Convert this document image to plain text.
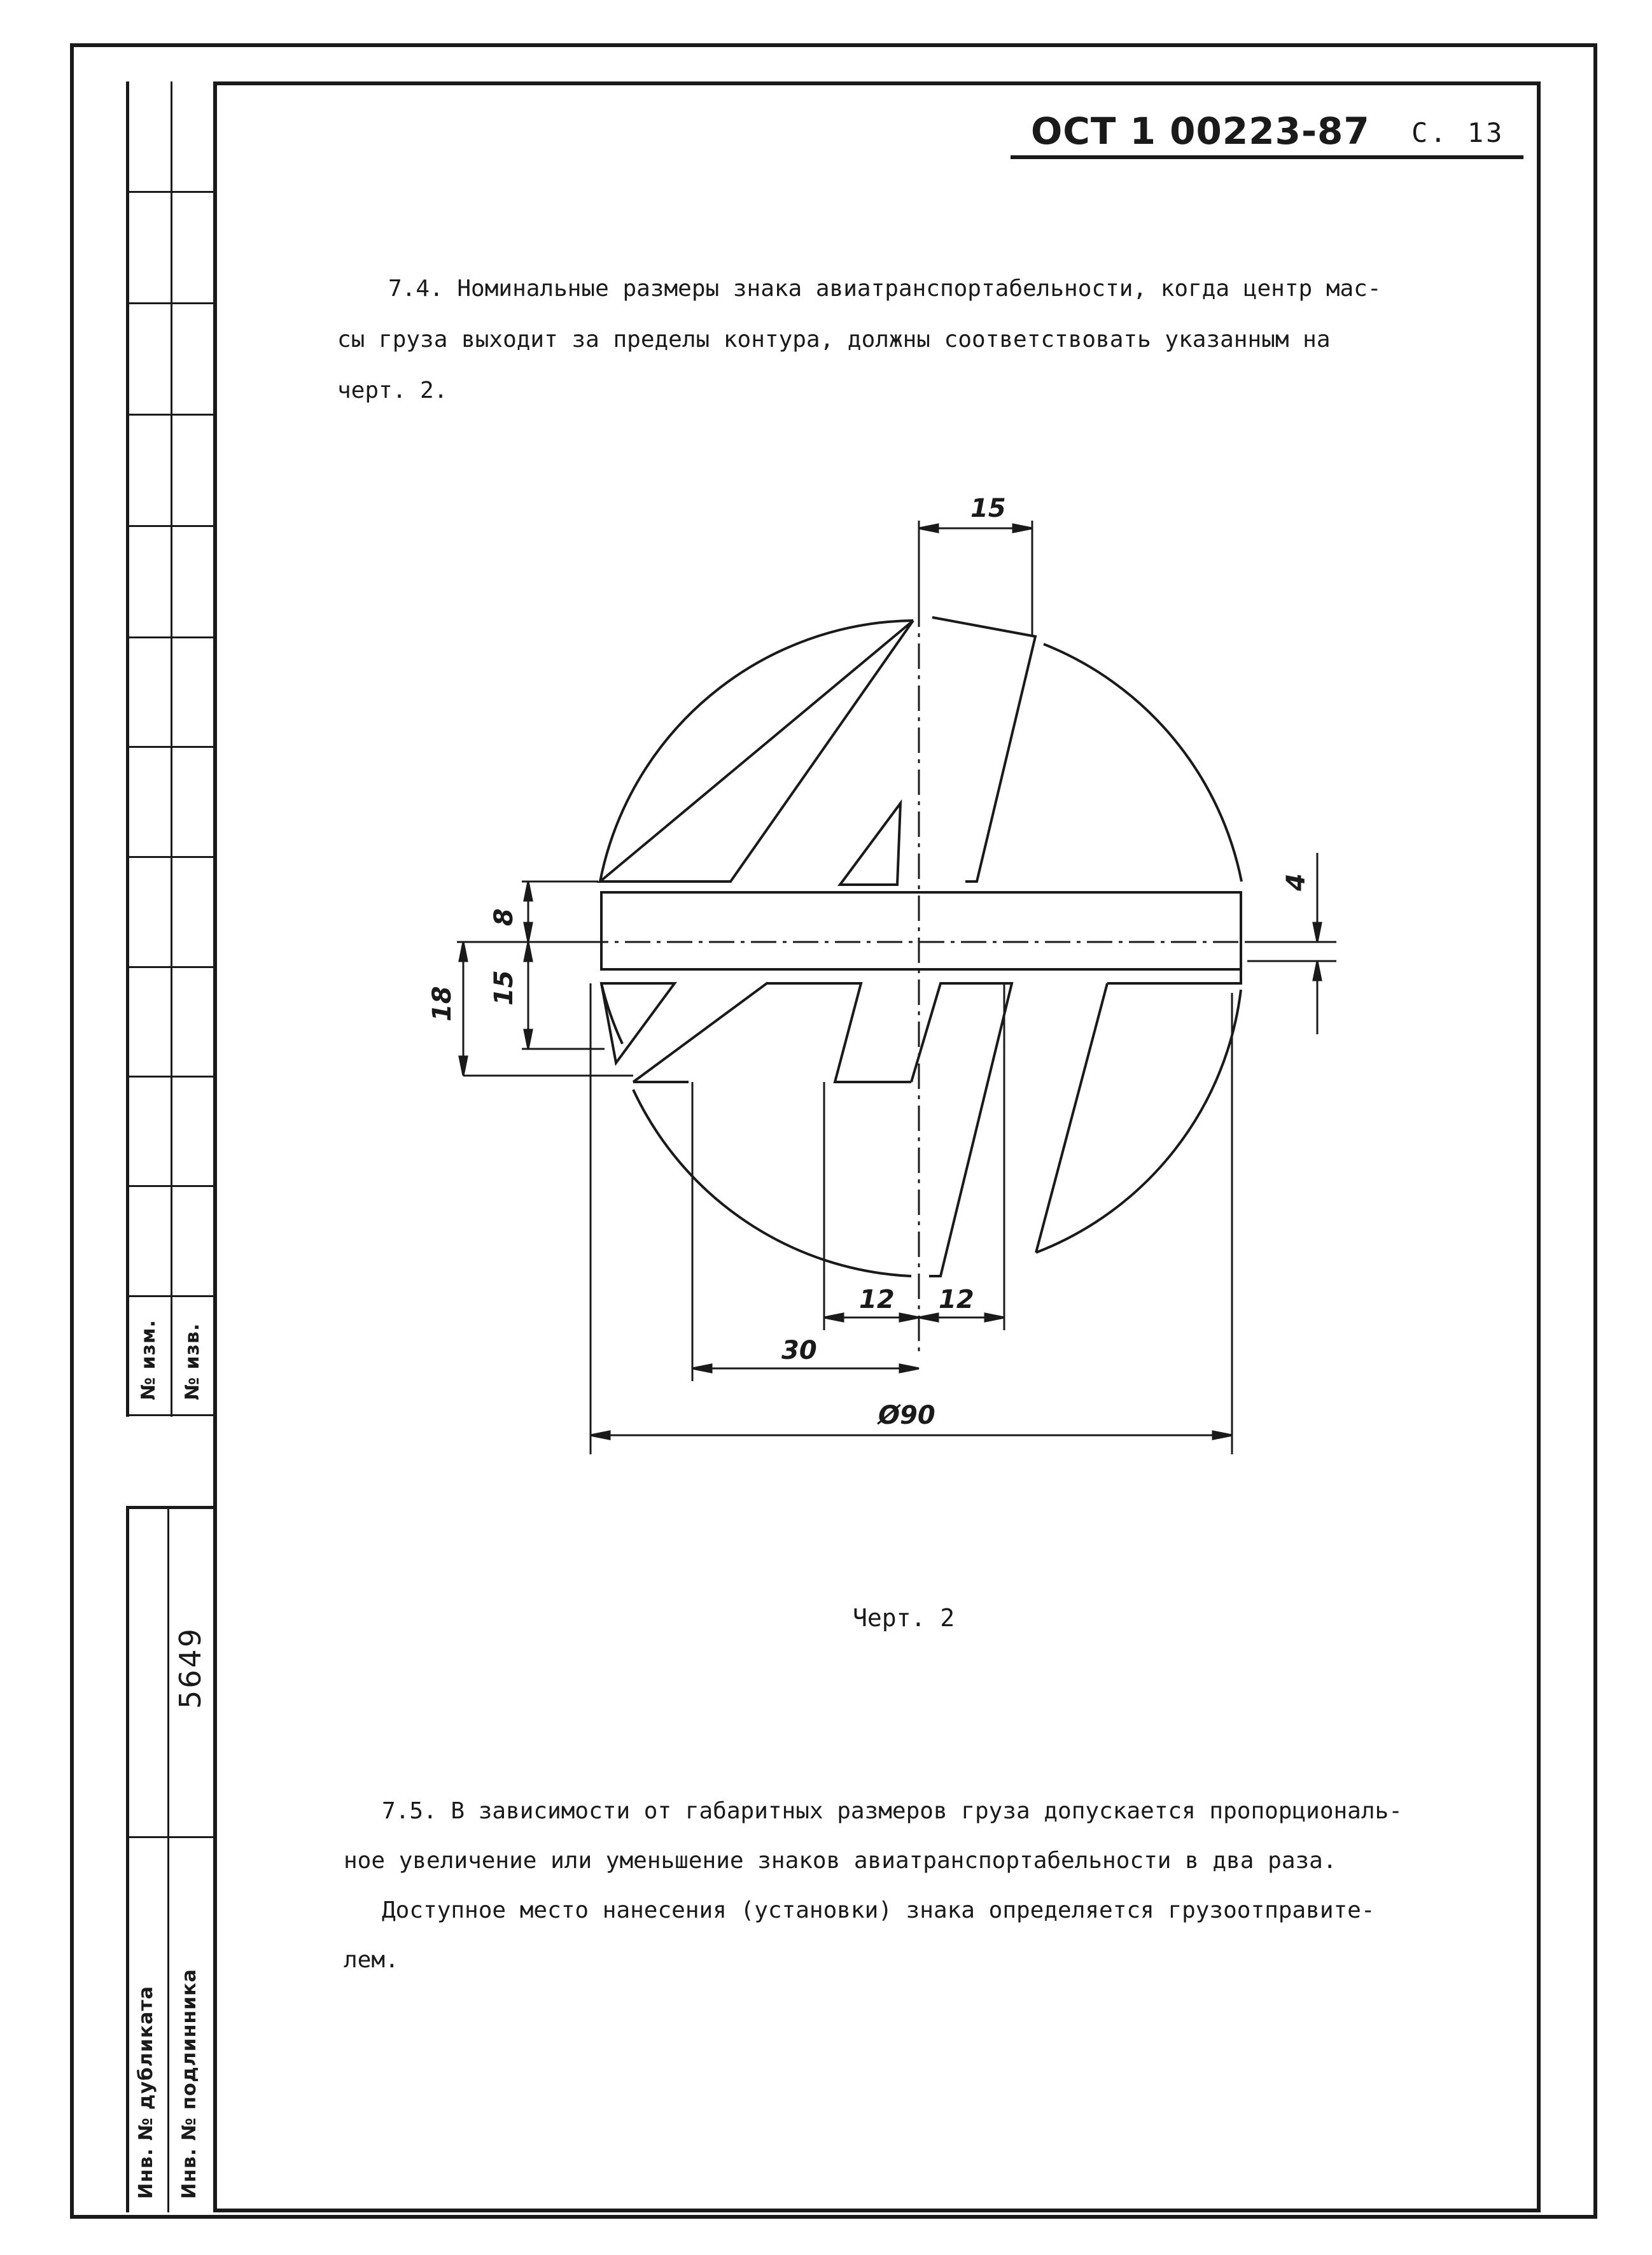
№ изм. № изв.
5649
Инв. № дубликата Инв. № подлинника
ОСТ 1 00223-87 С. 13
7.4. Номинальные размеры знака авиатранспортабельности, когда центр мас-
сы груза выходит за пределы контура, должны соответствовать указанным на
черт. 2.
15
8
15
18
4
12 12
30
Ø90
Черт. 2
7.5. В зависимости от габаритных размеров груза допускается пропорциональ-
ное увеличение или уменьшение знаков авиатранспортабельности в два раза.
Доступное место нанесения (установки) знака определяется грузоотправите-
лем.
